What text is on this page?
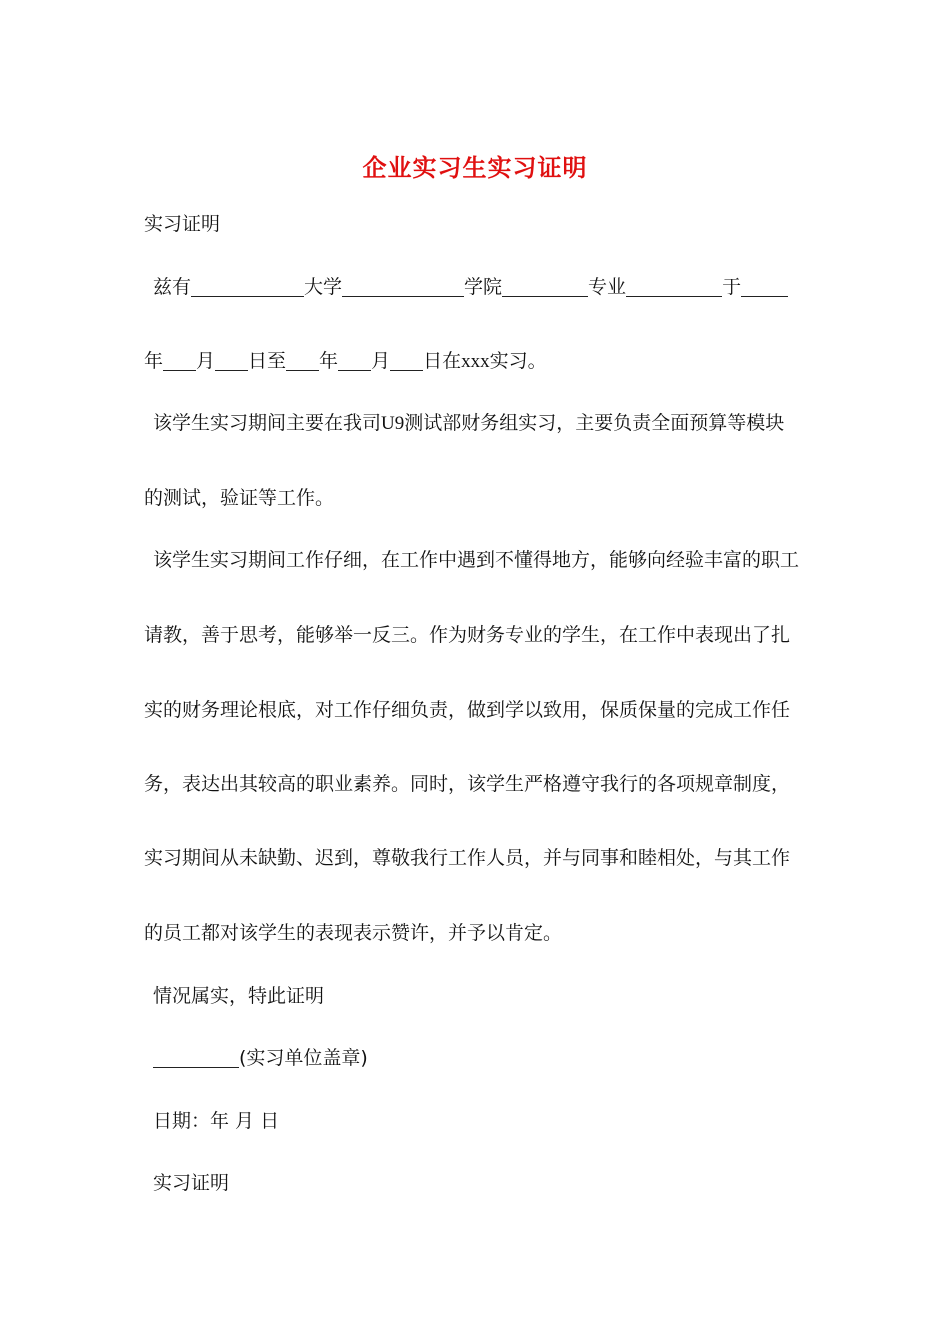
企业实习生实习证明
实习证明
兹有	大学	学院	专业	于
年 月 日至 年 月 日在xxx实习。
该学生实习期间主要在我司U9测试部财务组实习，主要负责全面预算等模块
的测试，验证等工作。
该学生实习期间工作仔细，在工作中遇到不懂得地方，能够向经验丰富的职工
请教，善于思考，能够举一反三。作为财务专业的学生，在工作中表现出了扎
实的财务理论根底，对工作仔细负责，做到学以致用，保质保量的完成工作任
务，表达出其较高的职业素养。同时，该学生严格遵守我行的各项规章制度，
实习期间从未缺勤、迟到，尊敬我行工作人员，并与同事和睦相处，与其工作
的员工都对该学生的表现表示赞许，并予以肯定。
情况属实，特此证明
(实习单位盖章)
日期：年 月 日
实习证明
